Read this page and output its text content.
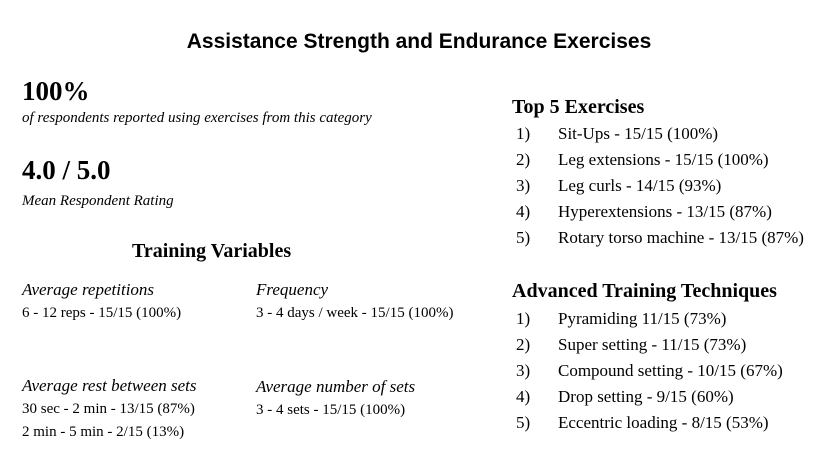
Assistance Strength and Endurance Exercises
100%
of respondents reported using exercises from this category
4.0 / 5.0
Mean Respondent Rating
Training Variables
Average repetitions
6 - 12 reps - 15/15 (100%)
Frequency
3 - 4 days / week - 15/15 (100%)
Average rest between sets
30 sec - 2 min - 13/15 (87%)
2 min - 5 min - 2/15 (13%)
Average number of sets
3 - 4 sets - 15/15 (100%)
Top 5 Exercises
1) Sit-Ups - 15/15 (100%)
2) Leg extensions - 15/15 (100%)
3) Leg curls - 14/15 (93%)
4) Hyperextensions - 13/15 (87%)
5) Rotary torso machine - 13/15 (87%)
Advanced Training Techniques
1) Pyramiding 11/15 (73%)
2) Super setting - 11/15 (73%)
3) Compound setting - 10/15 (67%)
4) Drop setting - 9/15 (60%)
5) Eccentric loading - 8/15 (53%)
